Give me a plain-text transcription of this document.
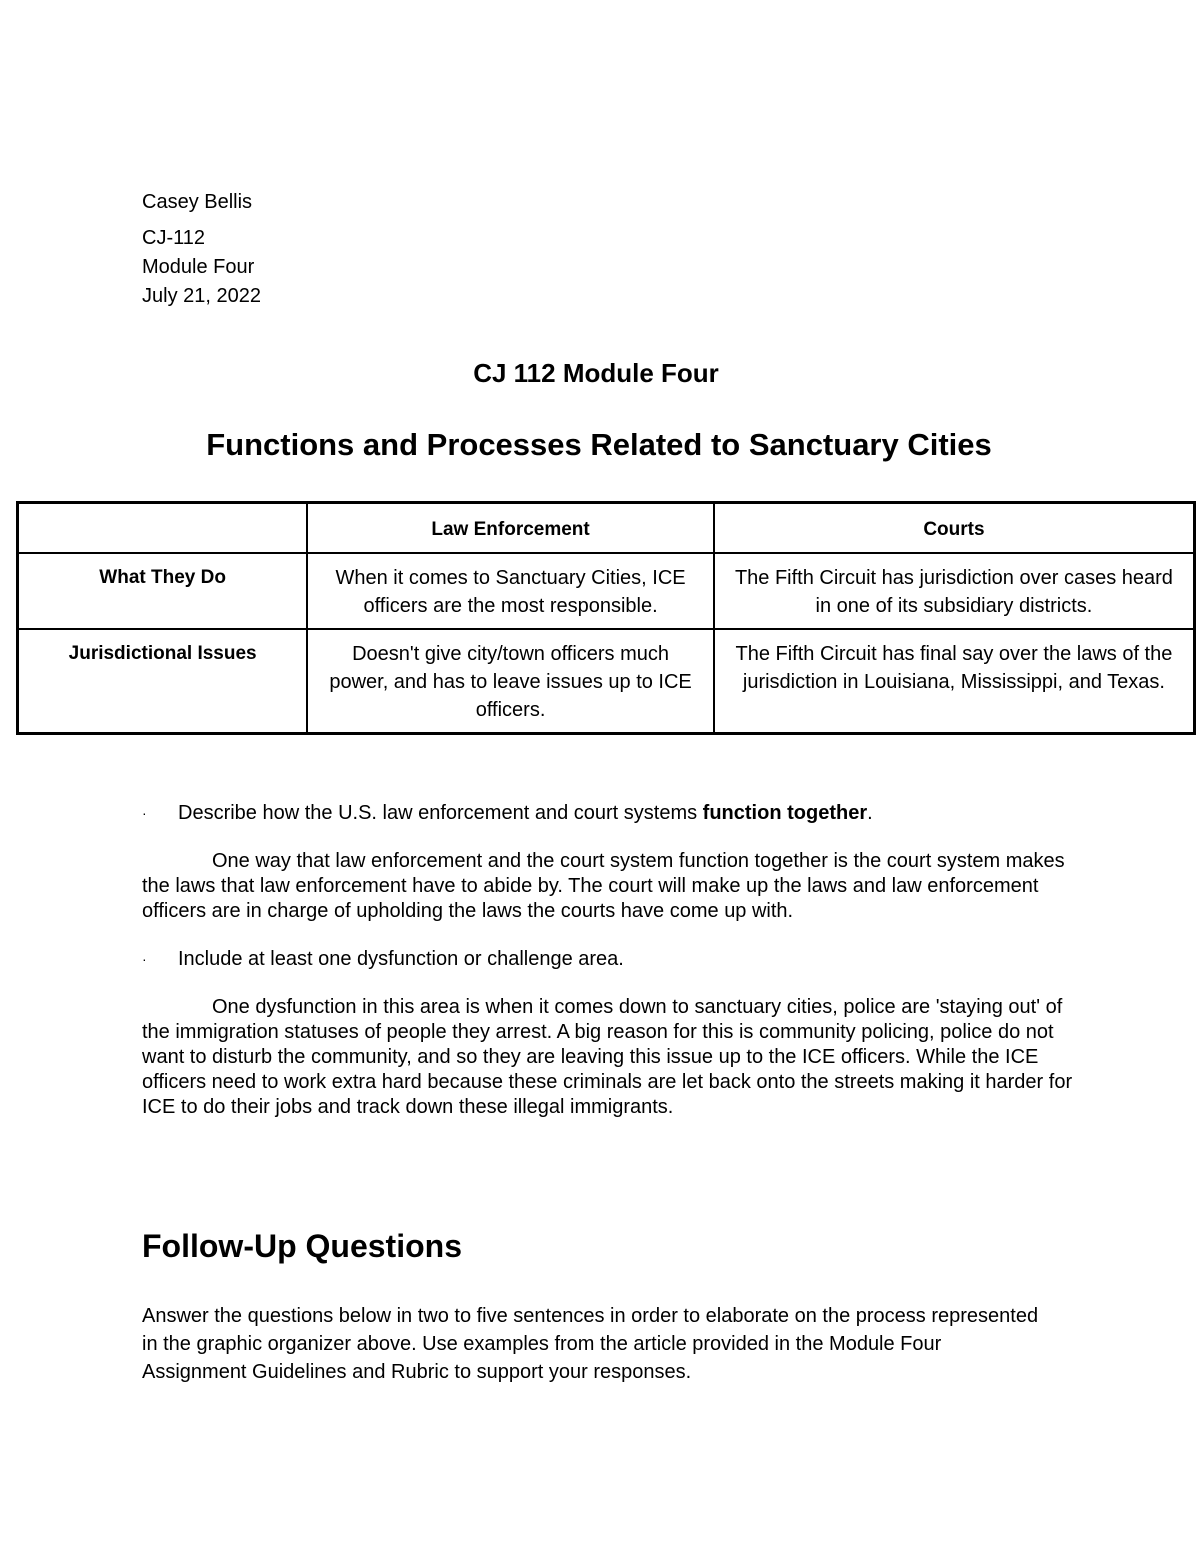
Casey Bellis
CJ-112
Module Four
July 21, 2022
CJ 112 Module Four
Functions and Processes Related to Sanctuary Cities
	Law Enforcement	Courts
What They Do	When it comes to Sanctuary Cities, ICE officers are the most responsible.	The Fifth Circuit has jurisdiction over cases heard in one of its subsidiary districts.
Jurisdictional Issues	Doesn't give city/town officers much power, and has to leave issues up to ICE officers.	The Fifth Circuit has final say over the laws of the jurisdiction in Louisiana, Mississippi, and Texas.
· Describe how the U.S. law enforcement and court systems function together.
One way that law enforcement and the court system function together is the court system makes the laws that law enforcement have to abide by. The court will make up the laws and law enforcement officers are in charge of upholding the laws the courts have come up with.
· Include at least one dysfunction or challenge area.
One dysfunction in this area is when it comes down to sanctuary cities, police are 'staying out' of the immigration statuses of people they arrest. A big reason for this is community policing, police do not want to disturb the community, and so they are leaving this issue up to the ICE officers. While the ICE officers need to work extra hard because these criminals are let back onto the streets making it harder for ICE to do their jobs and track down these illegal immigrants.
Follow-Up Questions
Answer the questions below in two to five sentences in order to elaborate on the process represented in the graphic organizer above. Use examples from the article provided in the Module Four Assignment Guidelines and Rubric to support your responses.
